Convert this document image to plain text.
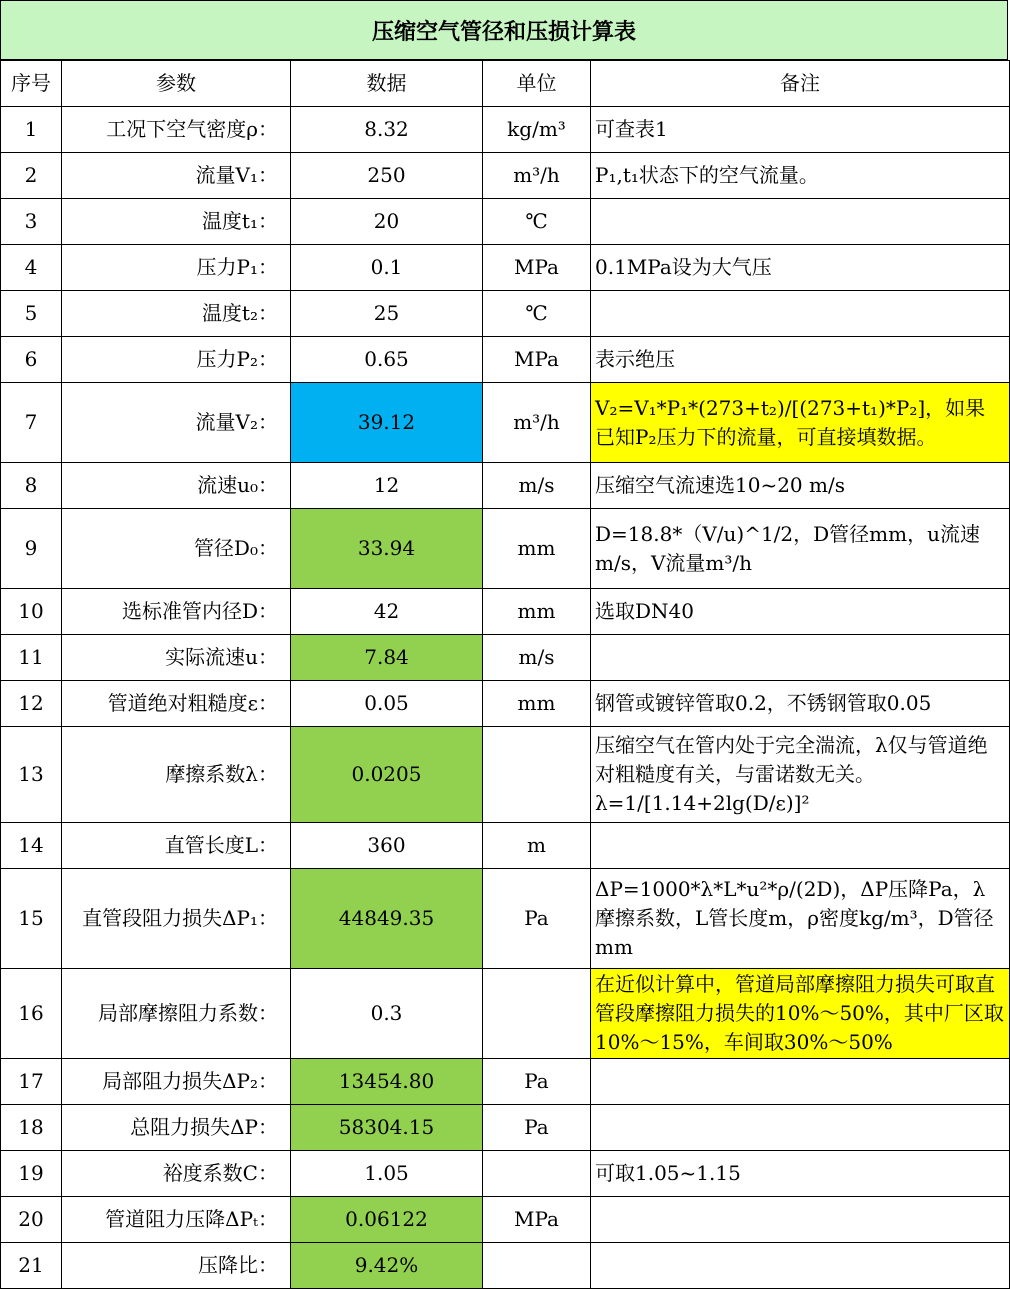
压缩空气管径和压损计算表
序号	参数	数据	单位	备注
1	工况下空气密度ρ：	8.32	kg/m³	可查表1
2	流量V₁：	250	m³/h	P₁,t₁状态下的空气流量。
3	温度t₁：	20	℃	
4	压力P₁：	0.1	MPa	0.1MPa设为大气压
5	温度t₂：	25	℃	
6	压力P₂：	0.65	MPa	表示绝压
7	流量V₂：	39.12	m³/h	V₂=V₁*P₁*(273+t₂)/[(273+t₁)*P₂]，如果已知P₂压力下的流量，可直接填数据。
8	流速u₀：	12	m/s	压缩空气流速选10~20 m/s
9	管径D₀：	33.94	mm	D=18.8*（V/u)^1/2，D管径mm，u流速m/s，V流量m³/h
10	选标准管内径D：	42	mm	选取DN40
11	实际流速u：	7.84	m/s	
12	管道绝对粗糙度ε：	0.05	mm	钢管或镀锌管取0.2，不锈钢管取0.05
13	摩擦系数λ：	0.0205		压缩空气在管内处于完全湍流，λ仅与管道绝对粗糙度有关，与雷诺数无关。 λ=1/[1.14+2lg(D/ε)]²
14	直管长度L：	360	m	
15	直管段阻力损失ΔP₁：	44849.35	Pa	ΔP=1000*λ*L*u²*ρ/(2D)，ΔP压降Pa，λ摩擦系数，L管长度m，ρ密度kg/m³，D管径mm
16	局部摩擦阻力系数：	0.3		在近似计算中，管道局部摩擦阻力损失可取直管段摩擦阻力损失的10%～50%，其中厂区取10%～15%，车间取30%～50%
17	局部阻力损失ΔP₂：	13454.80	Pa	
18	总阻力损失ΔP：	58304.15	Pa	
19	裕度系数C：	1.05		可取1.05~1.15
20	管道阻力压降ΔPₜ：	0.06122	MPa	
21	压降比：	9.42%		
